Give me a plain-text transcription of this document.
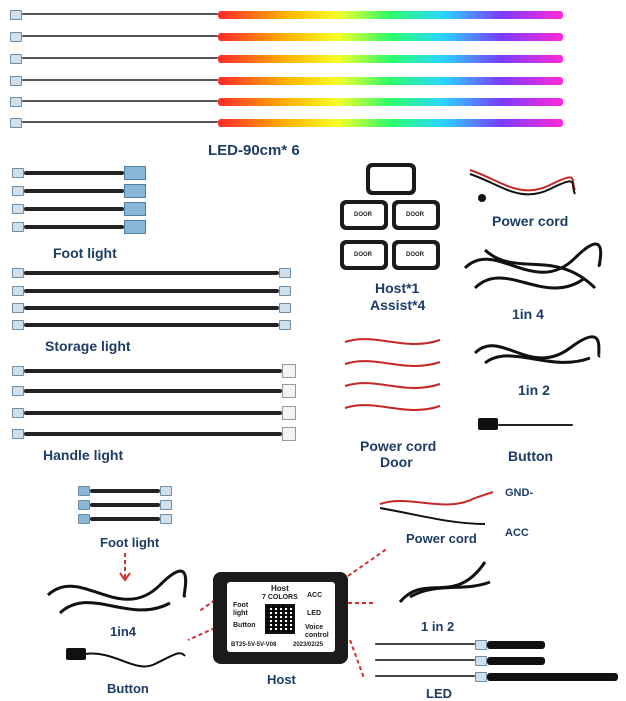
LED-90cm* 6
Foot light
Storage light
Handle light
DOOR	DOOR
DOOR	DOOR
Host*1
Assist*4
Power cord
1in 4
1in 2
Power cord
Door	Button
Foot light
1in4
Button
Host
7 COLORS
Foot light
Button
ACC
LED
Voice control
BT25-5V-5V-V08	2023/02/25
Host
GND-
Power cord	ACC
1 in 2
LED
